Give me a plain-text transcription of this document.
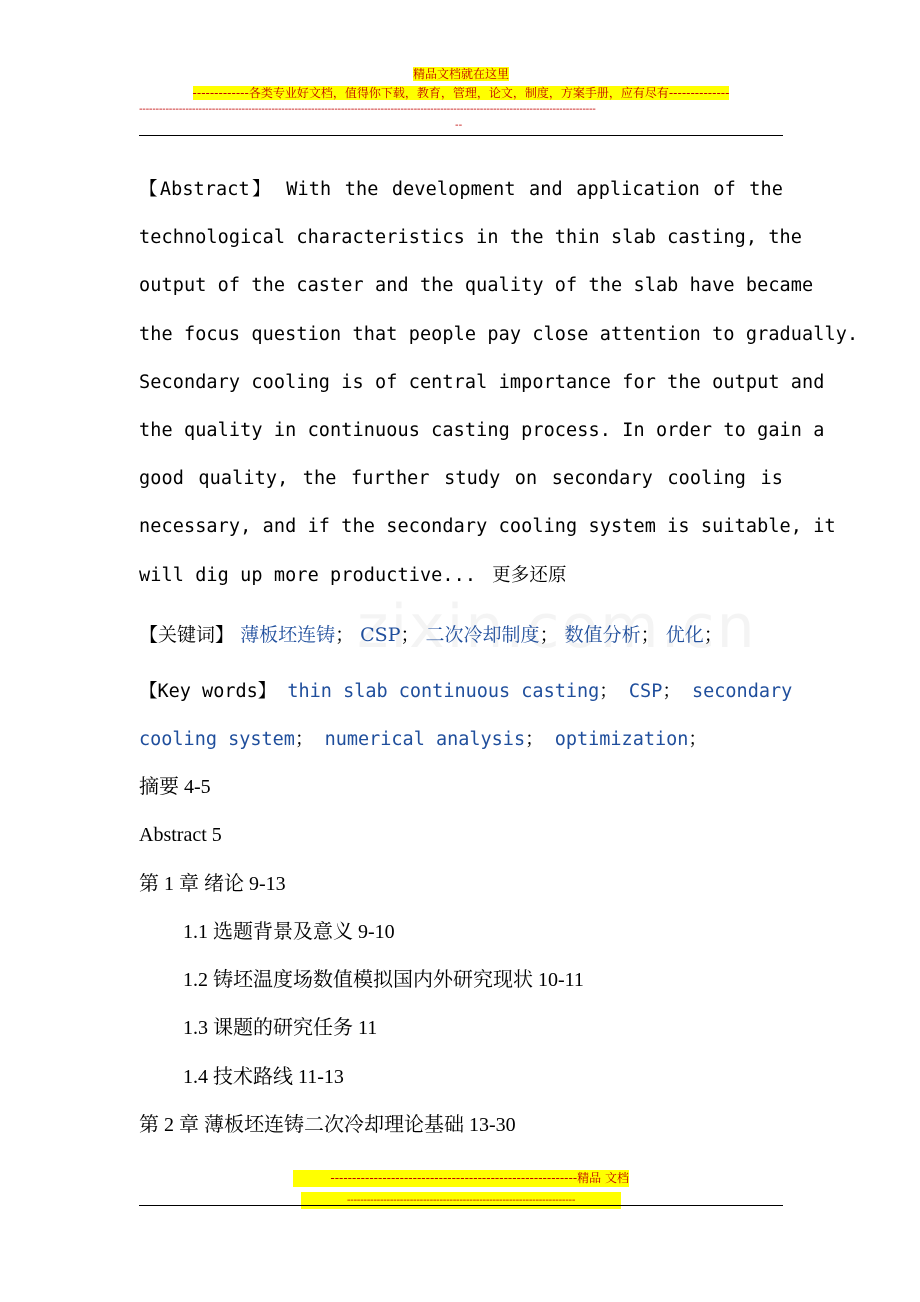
精品文档就在这里
-------------各类专业好文档，值得你下载，教育，管理，论文，制度，方案手册，应有尽有--------------
------------------------------------------------------------------------------------------------------------------------------------------
--
【Abstract】 With the development and application of the
technological characteristics in the thin slab casting, the
output of the caster and the quality of the slab have became
the focus question that people pay close attention to gradually.
Secondary cooling is of central importance for the output and
the quality in continuous casting process. In order to gain a
good quality, the further study on secondary cooling is
necessary, and if the secondary cooling system is suitable, it
will dig up more productive... 更多还原
【关键词】 薄板坯连铸； CSP； 二次冷却制度； 数值分析； 优化；
【Key words】 thin slab continuous casting； CSP； secondary
cooling system； numerical analysis； optimization；
摘要 4-5
Abstract 5
第 1 章 绪论 9-13
1.1 选题背景及意义 9-10
1.2 铸坯温度场数值模拟国内外研究现状 10-11
1.3 课题的研究任务 11
1.4 技术路线 11-13
第 2 章 薄板坯连铸二次冷却理论基础 13-30
---------------------------------------------------------精品 文档
---------------------------------------------------------------------
